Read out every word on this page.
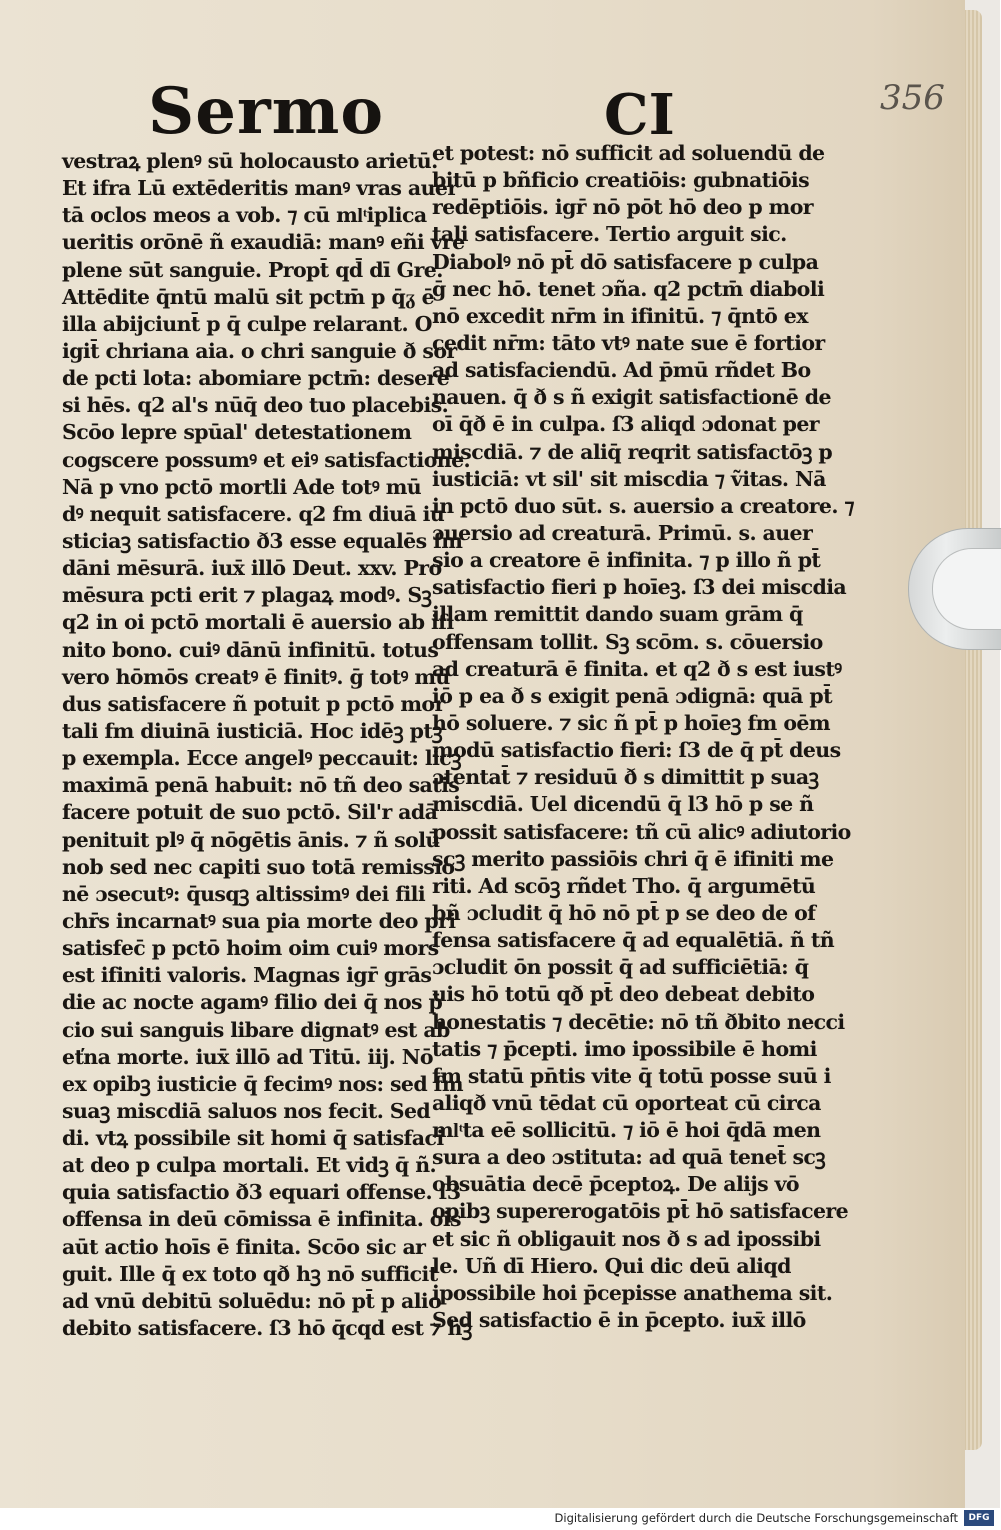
Sermo	CI	356
vestraꝝ plenꝰ sū holocausto arietū.
Et ifra Lū extēderitis manꝰ vras auer
tā oclos meos a vob. ⁊ cū mlͭiplica
ueritis orōnē ñ exaudiā: manꝰ eñi vre
plene sūt sanguie. Propt̄ qd̄ dī Gre.
Attēdite q̄ntū malū sit pctm̄ p q̄ᵹ ē
illa abijciunt̄ p q̄ culpe relarant. O
igit̄ chriana aia. o chri sanguie ð sor
de pcti lota: abomiare pctm̄: desere
si hēs. q2 al's nūq̄ deo tuo placebis.
Scōo lepre spūal' detestationem
cogscere possumꝰ et eiꝰ satisfactione.
Nā p vno pctō mortli Ade totꝰ mū
dꝰ nequit satisfacere. q2 fm diuā iu
sticiaꝫ satisfactio ð3 esse equalēs fm
dāni mēsurā. iux̄ illō Deut. xxv. Pro
mēsura pcti erit ⁊ plagaꝝ modꝰ. Sꝫ
q2 in oi pctō mortali ē auersio ab ifi
nito bono. cuiꝰ dānū infinitū. totus
vero hōmōs creatꝰ ē finitꝰ. ḡ totꝰ mū
dus satisfacere ñ potuit p pctō mor
tali fm diuinā iusticiā. Hoc idēꝫ ptꝫ
p exempla. Ecce angelꝰ peccauit: licꝫ
maximā penā habuit: nō tñ deo satis
facere potuit de suo pctō. Sil'r adā
penituit plꝰ q̄ nōgētis ānis. ⁊ ñ solū
nob sed nec capiti suo totā remissio
nē ɔsecutꝰ: q̄usqꝫ altissimꝰ dei fili
chr̄s incarnatꝰ sua pia morte deo pri
satisfec̄ p pctō hoim oim cuiꝰ mors
est ifiniti valoris. Magnas igr̄ grās
die ac nocte agamꝰ filio dei q̄ nos p̄
cio sui sanguis libare dignatꝰ est ab
eťna morte. iux̄ illō ad Titū. iij. Nō
ex opibꝫ iusticie q̄ fecimꝰ nos: sed fm
suaꝫ miscdiā saluos nos fecit. Sed
di. vtꝝ possibile sit homi q̄ satisfaci
at deo p culpa mortali. Et vidꝫ q̄ ñ.
quia satisfactio ð3 equari offense. ſ3
offensa in deū cōmissa ē infinita. ois
aūt actio hoīs ē finita. Scōo sic ar
guit. Ille q̄ ex toto qð hꝫ nō sufficit
ad vnū debitū soluēdu: nō pt̄ p alio
debito satisfacere. ſ3 hō q̄cqd est ⁊ hꝫ
et potest: nō sufficit ad soluendū de
bitū p bñficio creatiōis: gubnatiōis
redēptiōis. igr̄ nō pōt hō deo p mor
tali satisfacere. Tertio arguit sic.
Diabolꝰ nō pt̄ dō satisfacere p culpa
ḡ nec hō. tenet ɔña. q2 pctm̄ diaboli
nō excedit nr̄m in ifinitū. ⁊ q̄ntō ex
cedit nr̄m: tāto vtꝰ nate sue ē fortior
ad satisfaciendū. Ad p̄mū rñdet Bo
nauen. q̄ ð s ñ exigit satisfactionē de
oī q̄ð ē in culpa. ſ3 aliqd ɔdonat per
miscdiā. ⁊ de aliq̄ reqrit satisfactōꝫ p
iusticiā: vt sil' sit miscdia ⁊ ṽitas. Nā
in pctō duo sūt. s. auersio a creatore. ⁊
ɔuersio ad creaturā. Primū. s. auer
sio a creatore ē infinita. ⁊ p illo ñ pt̄
satisfactio fieri p hoīeꝫ. ſ3 dei miscdia
illam remittit dando suam grām q̄
offensam tollit. Sꝫ scōm. s. cōuersio
ad creaturā ē finita. et q2 ð s est iustꝰ
iō p ea ð s exigit penā ɔdignā: quā pt̄
hō soluere. ⁊ sic ñ pt̄ p hoīeꝫ fm oēm
modū satisfactio fieri: ſ3 de q̄ pt̄ deus
ɔtentat̄ ⁊ residuū ð s dimittit p suaꝫ
miscdiā. Uel dicendū q̄ l3 hō p se ñ
possit satisfacere: tñ cū alicꝰ adiutorio
scꝫ merito passiōis chri q̄ ē ifiniti me
riti. Ad scōꝫ rñdet Tho. q̄ argumētū
bñ ɔcludit q̄ hō nō pt̄ p se deo de of
fensa satisfacere q̄ ad equalētiā. ñ tñ
ɔcludit ōn possit q̄ ad sufficiētiā: q̄
uis hō totū qð pt̄ deo debeat debito
honestatis ⁊ decētie: nō tñ ðbito necci
tatis ⁊ p̄cepti. imo ipossibile ē homi
fm statū pn̄tis vite q̄ totū posse suū i
aliqð vnū tēdat cū oporteat cū circa
mlͭta eē sollicitū. ⁊ iō ē hoi q̄dā men
sura a deo ɔstituta: ad quā tenet̄ scꝫ
obsuātia decē p̄ceptoꝝ. De alijs vō
opibꝫ supererogatōis pt̄ hō satisfacere
et sic ñ obligauit nos ð s ad ipossibi
le. Uñ dī Hiero. Qui dic deū aliqd
ipossibile hoi p̄cepisse anathema sit.
Sed satisfactio ē in p̄cepto. iux̄ illō
Digitalisierung gefördert durch die Deutsche Forschungsgemeinschaft	DFG
